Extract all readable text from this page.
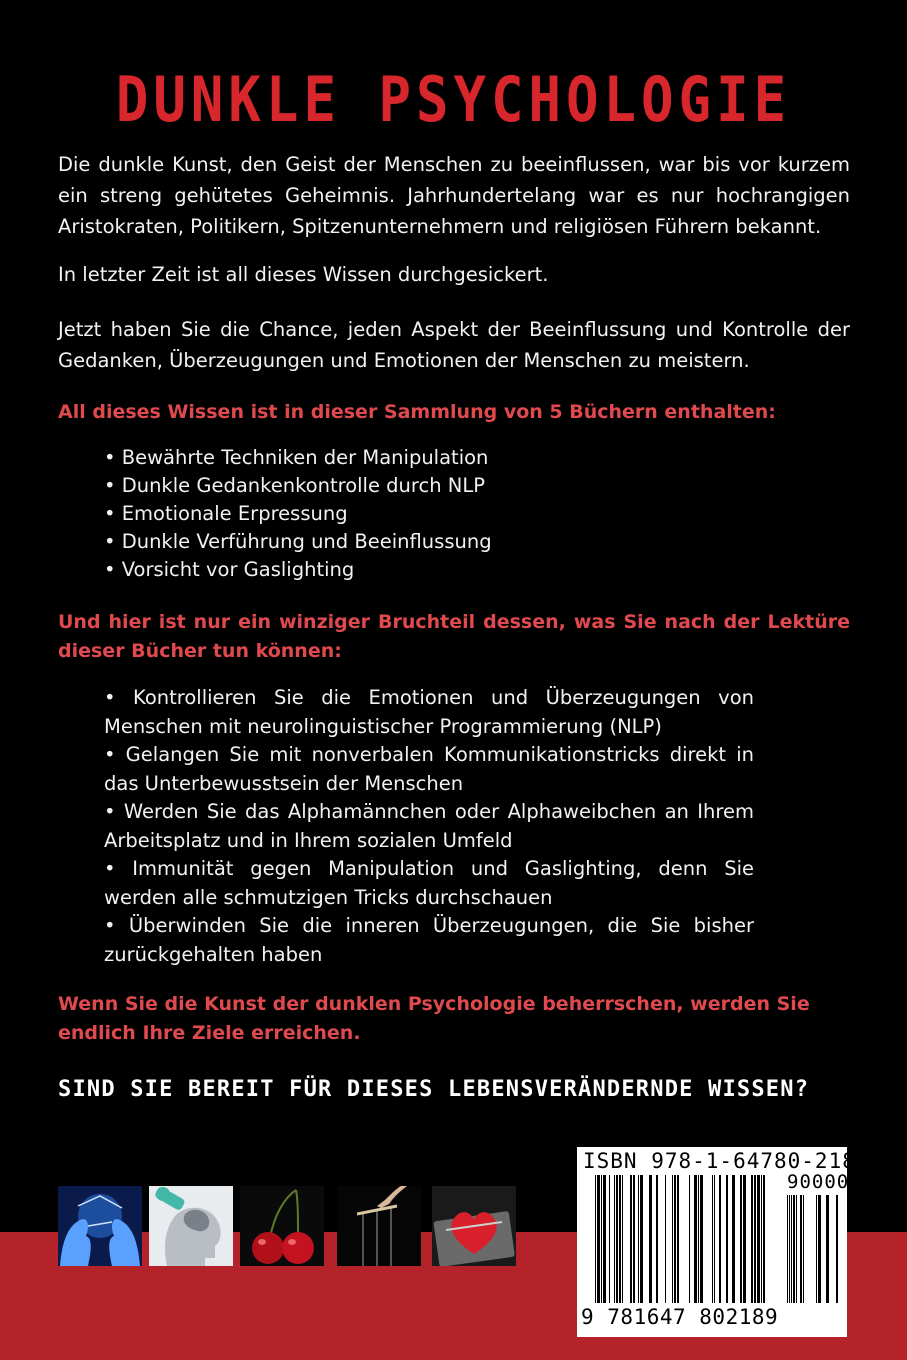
DUNKLE PSYCHOLOGIE

Die dunkle Kunst, den Geist der Menschen zu beeinflussen, war bis vor kurzem ein streng gehütetes Geheimnis. Jahrhundertelang war es nur hochrangigen Aristokraten, Politikern, Spitzenunternehmern und religiösen Führern bekannt.

In letzter Zeit ist all dieses Wissen durchgesickert.

Jetzt haben Sie die Chance, jeden Aspekt der Beeinflussung und Kontrolle der Gedanken, Überzeugungen und Emotionen der Menschen zu meistern.

All dieses Wissen ist in dieser Sammlung von 5 Büchern enthalten:

• Bewährte Techniken der Manipulation
• Dunkle Gedankenkontrolle durch NLP
• Emotionale Erpressung
• Dunkle Verführung und Beeinflussung
• Vorsicht vor Gaslighting

Und hier ist nur ein winziger Bruchteil dessen, was Sie nach der Lektüre dieser Bücher tun können:

• Kontrollieren Sie die Emotionen und Überzeugungen von Menschen mit neurolinguistischer Programmierung (NLP)
• Gelangen Sie mit nonverbalen Kommunikationstricks direkt in das Unterbewusstsein der Menschen
• Werden Sie das Alphamännchen oder Alphaweibchen an Ihrem Arbeitsplatz und in Ihrem sozialen Umfeld
• Immunität gegen Manipulation und Gaslighting, denn Sie werden alle schmutzigen Tricks durchschauen
• Überwinden Sie die inneren Überzeugungen, die Sie bisher zurückgehalten haben

Wenn Sie die Kunst der dunklen Psychologie beherrschen, werden Sie endlich Ihre Ziele erreichen.

SIND SIE BEREIT FÜR DIESES LEBENSVERÄNDERNDE WISSEN?
ISBN 978-1-64780-218-9
90000
9 781647 802189
